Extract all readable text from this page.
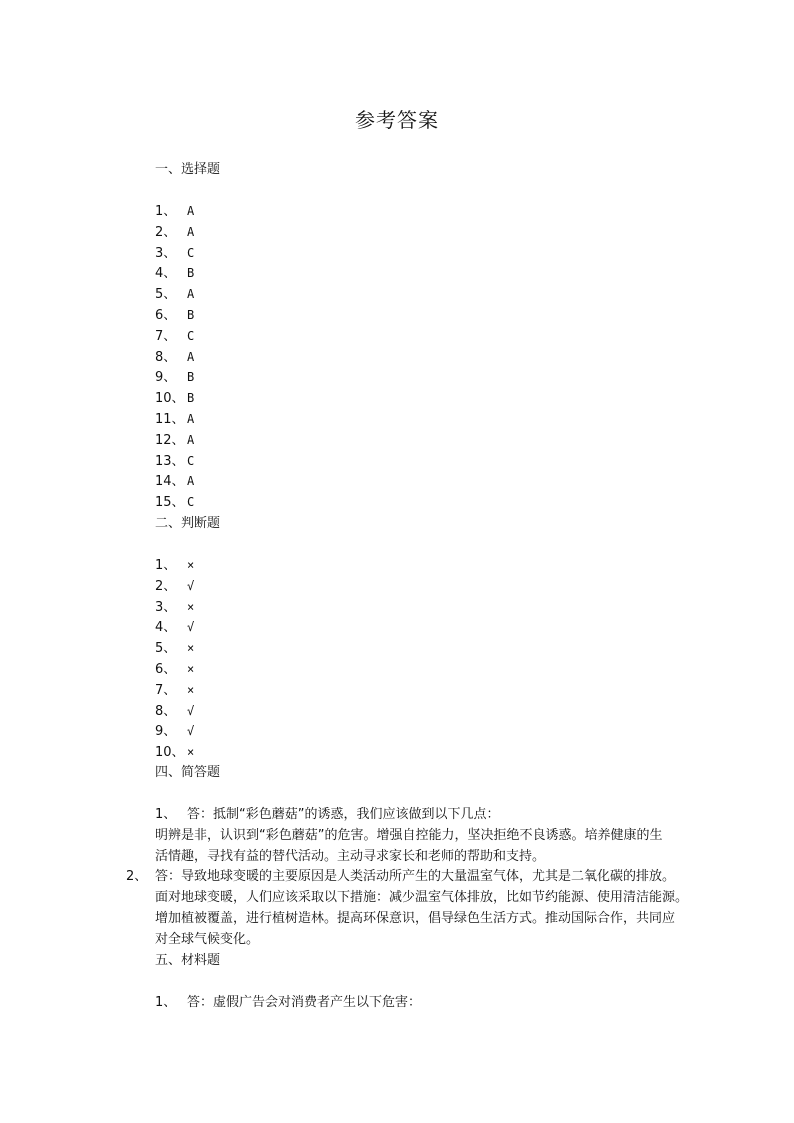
参考答案
一、选择题
1、 A
2、 A
3、 C
4、 B
5、 A
6、 B
7、 C
8、 A
9、 B
10、 B
11、 A
12、 A
13、 C
14、 A
15、 C
二、判断题
1、 ×
2、 √
3、 ×
4、 √
5、 ×
6、 ×
7、 ×
8、 √
9、 √
10、 ×
四、简答题
1、 答：抵制“彩色蘑菇”的诱惑，我们应该做到以下几点：
明辨是非，认识到“彩色蘑菇”的危害。增强自控能力，坚决拒绝不良诱惑。培养健康的生
活情趣，寻找有益的替代活动。主动寻求家长和老师的帮助和支持。
2、 答：导致地球变暖的主要原因是人类活动所产生的大量温室气体，尤其是二氧化碳的排放。
面对地球变暖，人们应该采取以下措施：减少温室气体排放，比如节约能源、使用清洁能源。
增加植被覆盖，进行植树造林。提高环保意识，倡导绿色生活方式。推动国际合作，共同应
对全球气候变化。
五、材料题
1、 答：虚假广告会对消费者产生以下危害：
